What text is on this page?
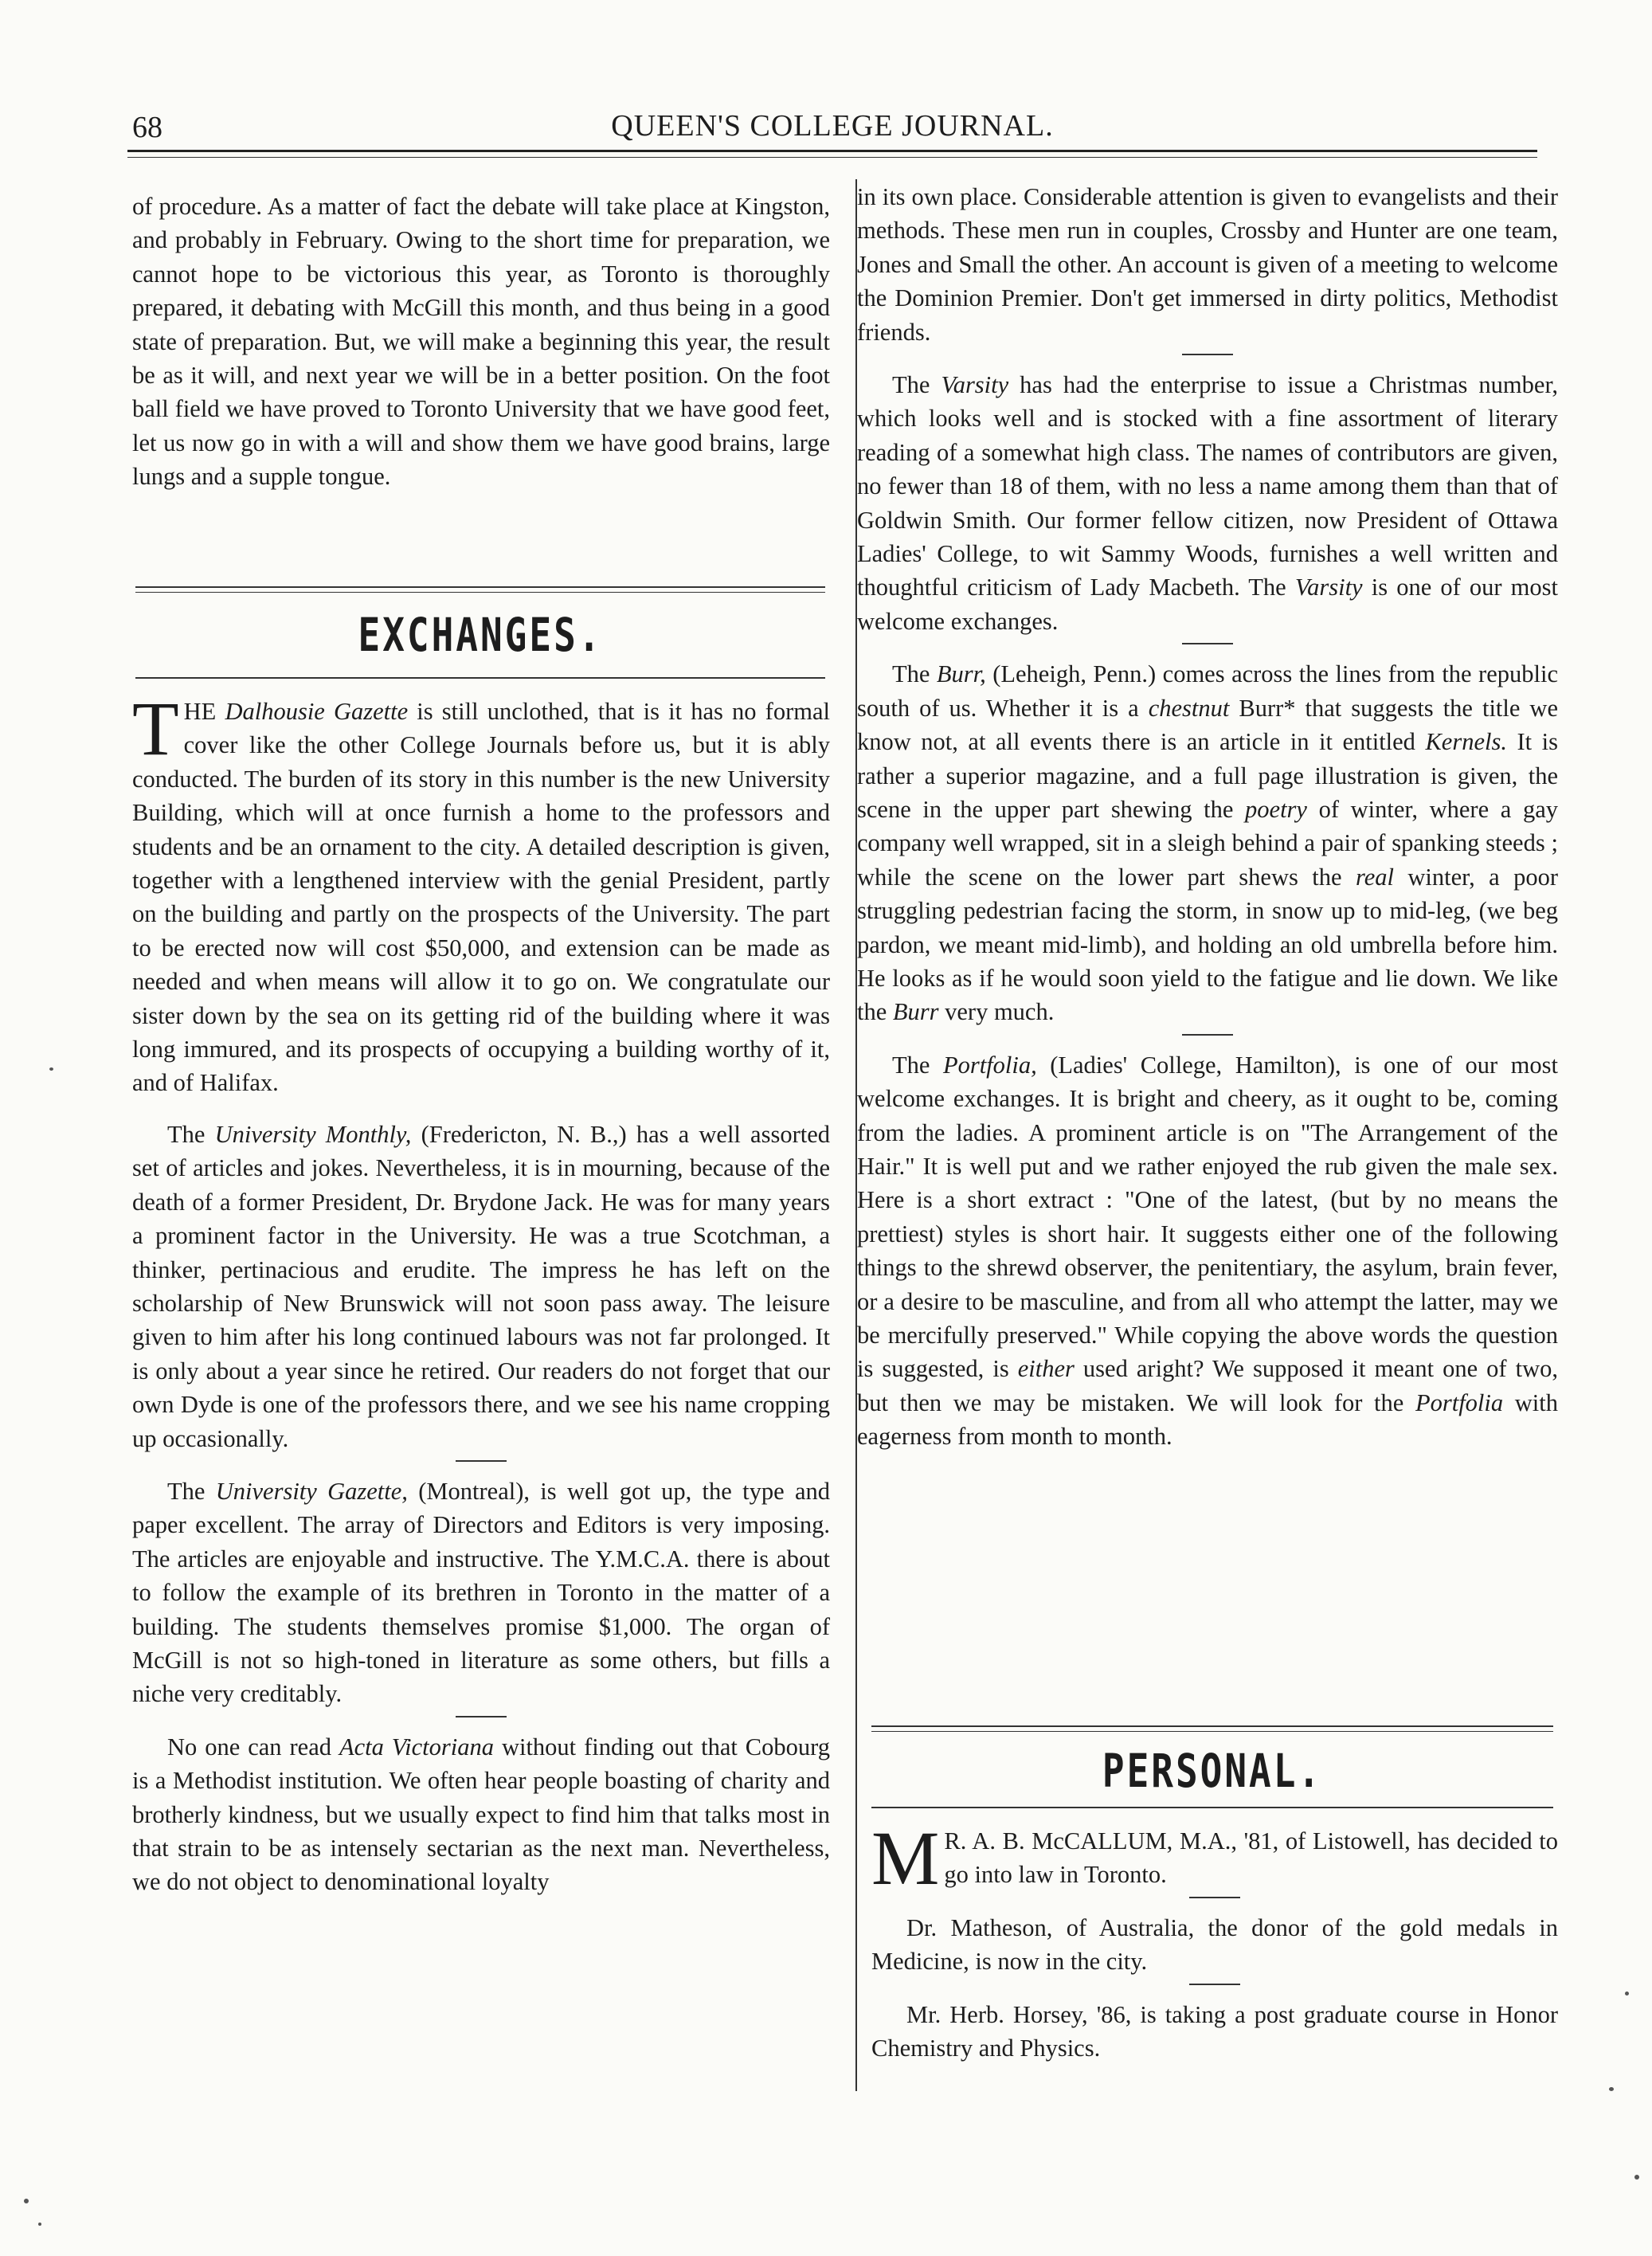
68	QUEEN'S COLLEGE JOURNAL.

of procedure. As a matter of fact the debate will take place at Kingston, and probably in February. Owing to the short time for preparation, we cannot hope to be victorious this year, as Toronto is thoroughly prepared, it debating with McGill this month, and thus being in a good state of preparation. But, we will make a beginning this year, the result be as it will, and next year we will be in a better position. On the foot ball field we have proved to Toronto University that we have good feet, let us now go in with a will and show them we have good brains, large lungs and a supple tongue.

EXCHANGES.

THE Dalhousie Gazette is still unclothed, that is it has no formal cover like the other College Journals before us, but it is ably conducted. The burden of its story in this number is the new University Building, which will at once furnish a home to the professors and students and be an ornament to the city. A detailed description is given, together with a lengthened interview with the genial President, partly on the building and partly on the prospects of the University. The part to be erected now will cost $50,000, and extension can be made as needed and when means will allow it to go on. We congratulate our sister down by the sea on its getting rid of the building where it was long immured, and its prospects of occupying a building worthy of it, and of Halifax.

The University Monthly, (Fredericton, N. B.,) has a well assorted set of articles and jokes. Nevertheless, it is in mourning, because of the death of a former President, Dr. Brydone Jack. He was for many years a prominent factor in the University. He was a true Scotchman, a thinker, pertinacious and erudite. The impress he has left on the scholarship of New Brunswick will not soon pass away. The leisure given to him after his long continued labours was not far prolonged. It is only about a year since he retired. Our readers do not forget that our own Dyde is one of the professors there, and we see his name cropping up occasionally.

The University Gazette, (Montreal), is well got up, the type and paper excellent. The array of Directors and Editors is very imposing. The articles are enjoyable and instructive. The Y.M.C.A. there is about to follow the example of its brethren in Toronto in the matter of a building. The students themselves promise $1,000. The organ of McGill is not so high-toned in literature as some others, but fills a niche very creditably.

No one can read Acta Victoriana without finding out that Cobourg is a Methodist institution. We often hear people boasting of charity and brotherly kindness, but we usually expect to find him that talks most in that strain to be as intensely sectarian as the next man. Nevertheless, we do not object to denominational loyalty

in its own place. Considerable attention is given to evangelists and their methods. These men run in couples, Crossby and Hunter are one team, Jones and Small the other. An account is given of a meeting to welcome the Dominion Premier. Don't get immersed in dirty politics, Methodist friends.

The Varsity has had the enterprise to issue a Christmas number, which looks well and is stocked with a fine assortment of literary reading of a somewhat high class. The names of contributors are given, no fewer than 18 of them, with no less a name among them than that of Goldwin Smith. Our former fellow citizen, now President of Ottawa Ladies' College, to wit Sammy Woods, furnishes a well written and thoughtful criticism of Lady Macbeth. The Varsity is one of our most welcome exchanges.

The Burr, (Leheigh, Penn.) comes across the lines from the republic south of us. Whether it is a chestnut Burr* that suggests the title we know not, at all events there is an article in it entitled Kernels. It is rather a superior magazine, and a full page illustration is given, the scene in the upper part shewing the poetry of winter, where a gay company well wrapped, sit in a sleigh behind a pair of spanking steeds ; while the scene on the lower part shews the real winter, a poor struggling pedestrian facing the storm, in snow up to mid-leg, (we beg pardon, we meant mid-limb), and holding an old umbrella before him. He looks as if he would soon yield to the fatigue and lie down. We like the Burr very much.

The Portfolia, (Ladies' College, Hamilton), is one of our most welcome exchanges. It is bright and cheery, as it ought to be, coming from the ladies. A prominent article is on "The Arrangement of the Hair." It is well put and we rather enjoyed the rub given the male sex. Here is a short extract : "One of the latest, (but by no means the prettiest) styles is short hair. It suggests either one of the following things to the shrewd observer, the penitentiary, the asylum, brain fever, or a desire to be masculine, and from all who attempt the latter, may we be mercifully preserved." While copying the above words the question is suggested, is either used aright? We supposed it meant one of two, but then we may be mistaken. We will look for the Portfolia with eagerness from month to month.

PERSONAL.

M R. A. B. McCALLUM, M.A., '81, of Listowell, has decided to go into law in Toronto.

Dr. Matheson, of Australia, the donor of the gold medals in Medicine, is now in the city.

Mr. Herb. Horsey, '86, is taking a post graduate course in Honor Chemistry and Physics.
